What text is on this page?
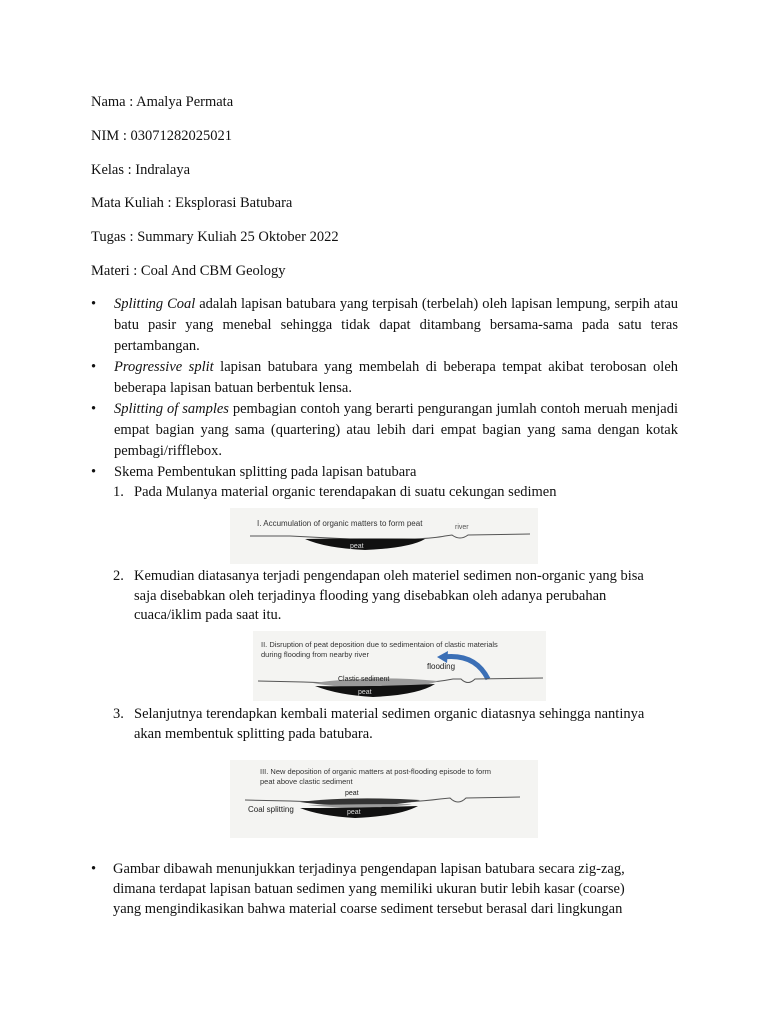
Nama : Amalya Permata
NIM : 03071282025021
Kelas : Indralaya
Mata Kuliah : Eksplorasi Batubara
Tugas : Summary Kuliah 25 Oktober 2022
Materi : Coal And CBM Geology
• Splitting Coal adalah lapisan batubara yang terpisah (terbelah) oleh lapisan lempung, serpih atau batu pasir yang menebal sehingga tidak dapat ditambang bersama-sama pada satu teras pertambangan.
• Progressive split lapisan batubara yang membelah di beberapa tempat akibat terobosan oleh beberapa lapisan batuan berbentuk lensa.
• Splitting of samples pembagian contoh yang berarti pengurangan jumlah contoh meruah menjadi empat bagian yang sama (quartering) atau lebih dari empat bagian yang sama dengan kotak pembagi/rifflebox.
• Skema Pembentukan splitting pada lapisan batubara
1. Pada Mulanya material organic terendapakan di suatu cekungan sedimen
I. Accumulation of organic matters to form peat	river
peat
2. Kemudian diatasanya terjadi pengendapan oleh materiel sedimen non-organic yang bisa
saja disebabkan oleh terjadinya flooding yang disebabkan oleh adanya perubahan
cuaca/iklim pada saat itu.
II. Disruption of peat deposition due to sedimentaion of clastic materials
during flooding from nearby river
flooding
Clastic sediment
peat
3. Selanjutnya terendapkan kembali material sedimen organic diatasnya sehingga nantinya
akan membentuk splitting pada batubara.
III. New deposition of organic matters at post-flooding episode to form
peat above clastic sediment
peat
peat
Coal splitting
• Gambar dibawah menunjukkan terjadinya pengendapan lapisan batubara secara zig-zag,
dimana terdapat lapisan batuan sedimen yang memiliki ukuran butir lebih kasar (coarse)
yang mengindikasikan bahwa material coarse sediment tersebut berasal dari lingkungan
